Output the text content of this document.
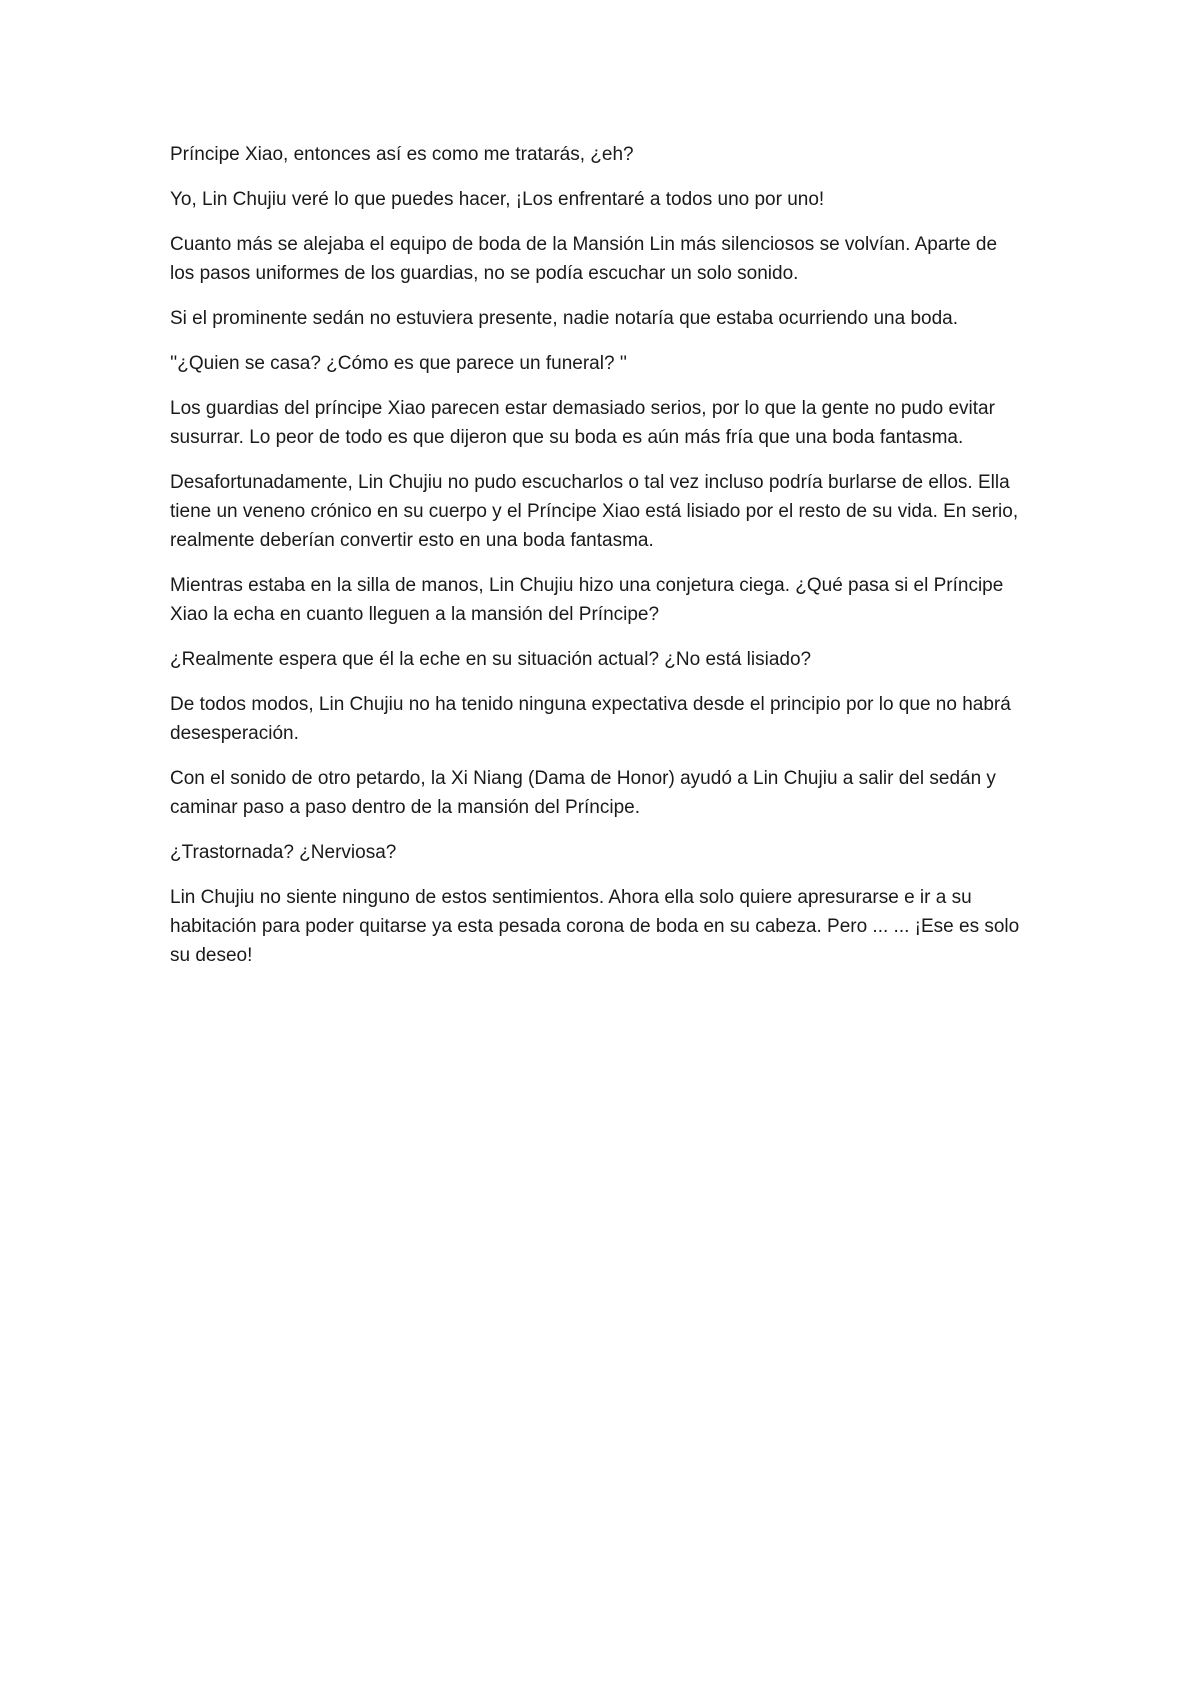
Príncipe Xiao, entonces así es como me tratarás, ¿eh?

Yo, Lin Chujiu veré lo que puedes hacer, ¡Los enfrentaré a todos uno por uno!

Cuanto más se alejaba el equipo de boda de la Mansión Lin más silenciosos se volvían. Aparte de los pasos uniformes de los guardias, no se podía escuchar un solo sonido.

Si el prominente sedán no estuviera presente, nadie notaría que estaba ocurriendo una boda.

''¿Quien se casa? ¿Cómo es que parece un funeral? ''

Los guardias del príncipe Xiao parecen estar demasiado serios, por lo que la gente no pudo evitar susurrar. Lo peor de todo es que dijeron que su boda es aún más fría que una boda fantasma.

Desafortunadamente, Lin Chujiu no pudo escucharlos o tal vez incluso podría burlarse de ellos. Ella tiene un veneno crónico en su cuerpo y el Príncipe Xiao está lisiado por el resto de su vida. En serio, realmente deberían convertir esto en una boda fantasma.

Mientras estaba en la silla de manos, Lin Chujiu hizo una conjetura ciega. ¿Qué pasa si el Príncipe Xiao la echa en cuanto lleguen a la mansión del Príncipe?

¿Realmente espera que él la eche en su situación actual? ¿No está lisiado?

De todos modos, Lin Chujiu no ha tenido ninguna expectativa desde el principio por lo que no habrá desesperación.

Con el sonido de otro petardo, la Xi Niang (Dama de Honor) ayudó a Lin Chujiu a salir del sedán y caminar paso a paso dentro de la mansión del Príncipe.

¿Trastornada? ¿Nerviosa?

Lin Chujiu no siente ninguno de estos sentimientos. Ahora ella solo quiere apresurarse e ir a su habitación para poder quitarse ya esta pesada corona de boda en su cabeza. Pero ... ... ¡Ese es solo su deseo!
